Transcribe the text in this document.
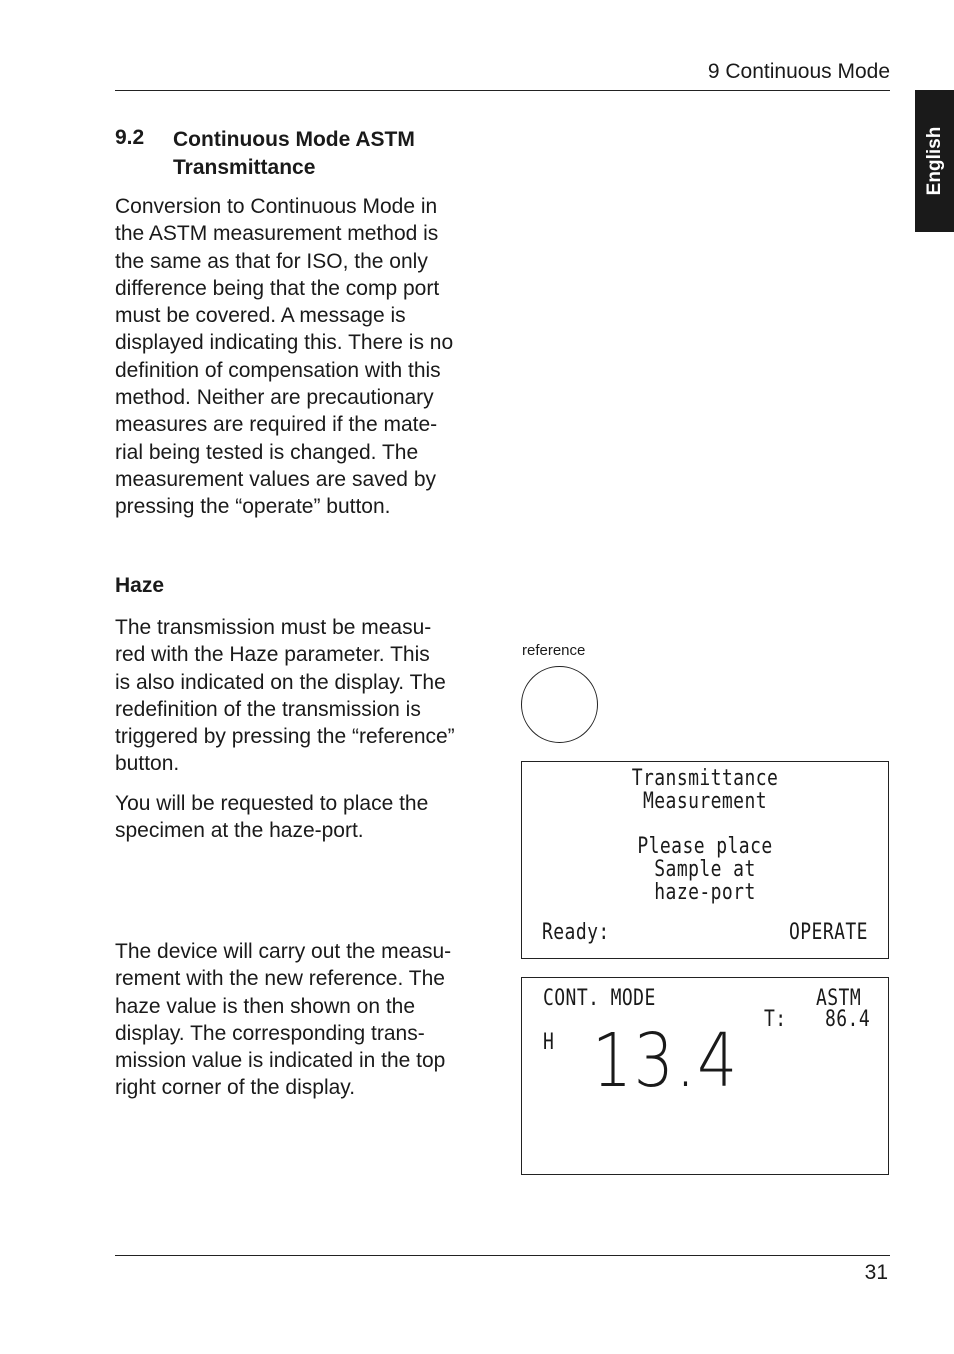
9 Continuous Mode
English
9.2 Continuous Mode ASTM Transmittance
Conversion to Continuous Mode in
the ASTM measurement method is
the same as that for ISO, the only
difference being that the comp port
must be covered. A message is
displayed indicating this. There is no
definition of compensation with this
method. Neither are precautionary
measures are required if the mate-
rial being tested is changed. The
measurement values are saved by
pressing the “operate” button.
Haze
The transmission must be measu-
red with the Haze parameter. This
is also indicated on the display. The
redefinition of the transmission is
triggered by pressing the “reference”
button.
You will be requested to place the
specimen at the haze-port.
The device will carry out the measu-
rement with the new reference. The
haze value is then shown on the
display. The corresponding trans-
mission value is indicated in the top
right corner of the display.
reference
Transmittance
Measurement
Please place
Sample at
haze-port
Ready:	OPERATE
CONT. MODE	ASTM
T: 86.4
H 13.4
31
